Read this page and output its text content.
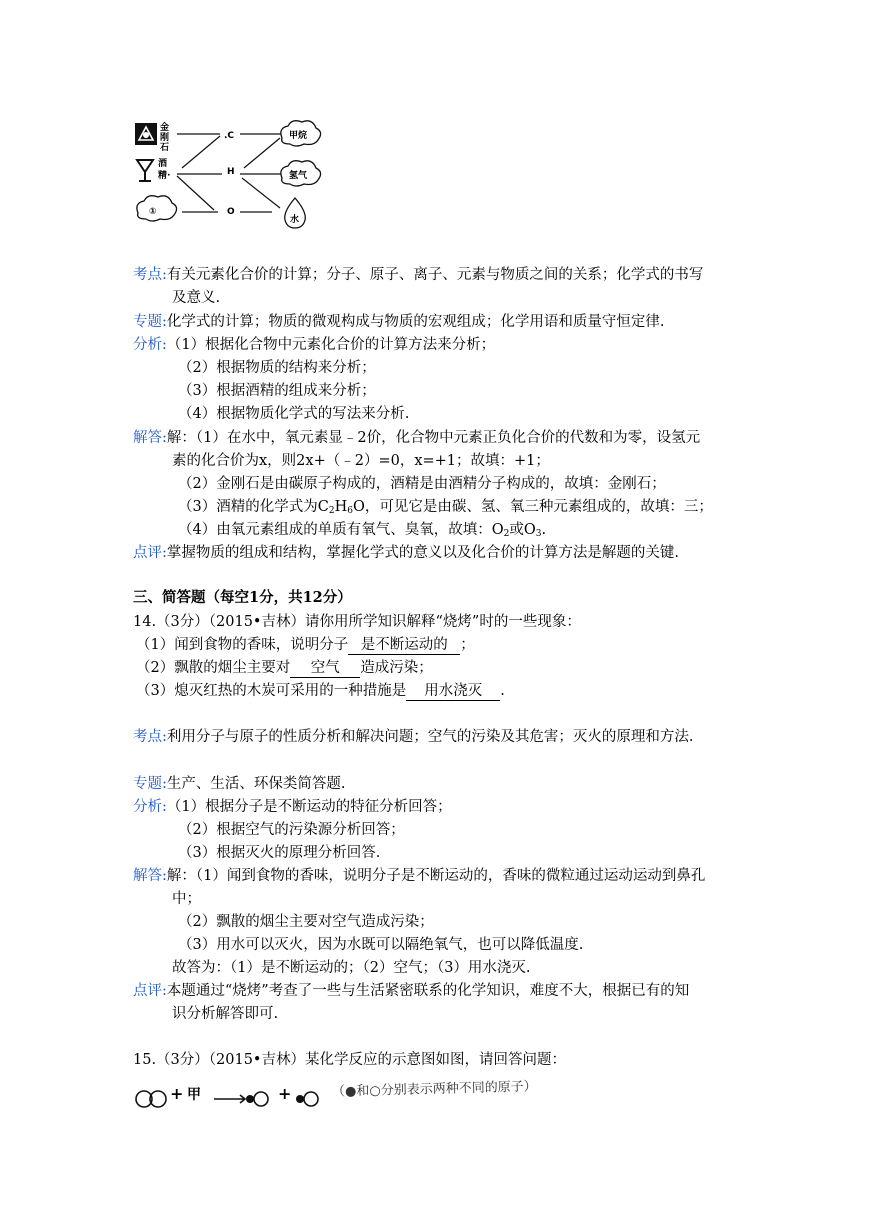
金
刚
石
酒
精·
①
.C
H
O
甲烷
氢气
水
考点:有关元素化合价的计算；分子、原子、离子、元素与物质之间的关系；化学式的书写
及意义.
专题:化学式的计算；物质的微观构成与物质的宏观组成；化学用语和质量守恒定律.
分析:（1）根据化合物中元素化合价的计算方法来分析；
（2）根据物质的结构来分析；
（3）根据酒精的组成来分析；
（4）根据物质化学式的写法来分析.
解答:解：（1）在水中，氧元素显﹣2价，化合物中元素正负化合价的代数和为零，设氢元
素的化合价为x，则2x+（﹣2）=0，x=+1；故填：+1；
（2）金刚石是由碳原子构成的，酒精是由酒精分子构成的，故填：金刚石；
（3）酒精的化学式为$C_2H_6O$，可见它是由碳、氢、氧三种元素组成的，故填：三；
（4）由氧元素组成的单质有氧气、臭氧，故填：$O_2$或$O_3$.
点评:掌握物质的组成和结构，掌握化学式的意义以及化合价的计算方法是解题的关键.
三、简答题（每空1分，共12分）
14.（3分）（2015•吉林）请你用所学知识解释“烧烤”时的一些现象：
（1）闻到食物的香味，说明分子 是不断运动的 ；
（2）飘散的烟尘主要对 空气 造成污染；
（3）熄灭红热的木炭可采用的一种措施是 用水浇灭 .
考点:利用分子与原子的性质分析和解决问题；空气的污染及其危害；灭火的原理和方法.
专题:生产、生活、环保类简答题.
分析:（1）根据分子是不断运动的特征分析回答；
（2）根据空气的污染源分析回答；
（3）根据灭火的原理分析回答.
解答:解：（1）闻到食物的香味，说明分子是不断运动的，香味的微粒通过运动运动到鼻孔
中；
（2）飘散的烟尘主要对空气造成污染；
（3）用水可以灭火，因为水既可以隔绝氧气，也可以降低温度.
故答为：（1）是不断运动的；（2）空气；（3）用水浇灭.
点评:本题通过“烧烤”考查了一些与生活紧密联系的化学知识，难度不大，根据已有的知
识分析解答即可.
15.（3分）（2015•吉林）某化学反应的示意图如图，请回答问题：
+ 甲	+	（●和○分别表示两种不同的原子）
